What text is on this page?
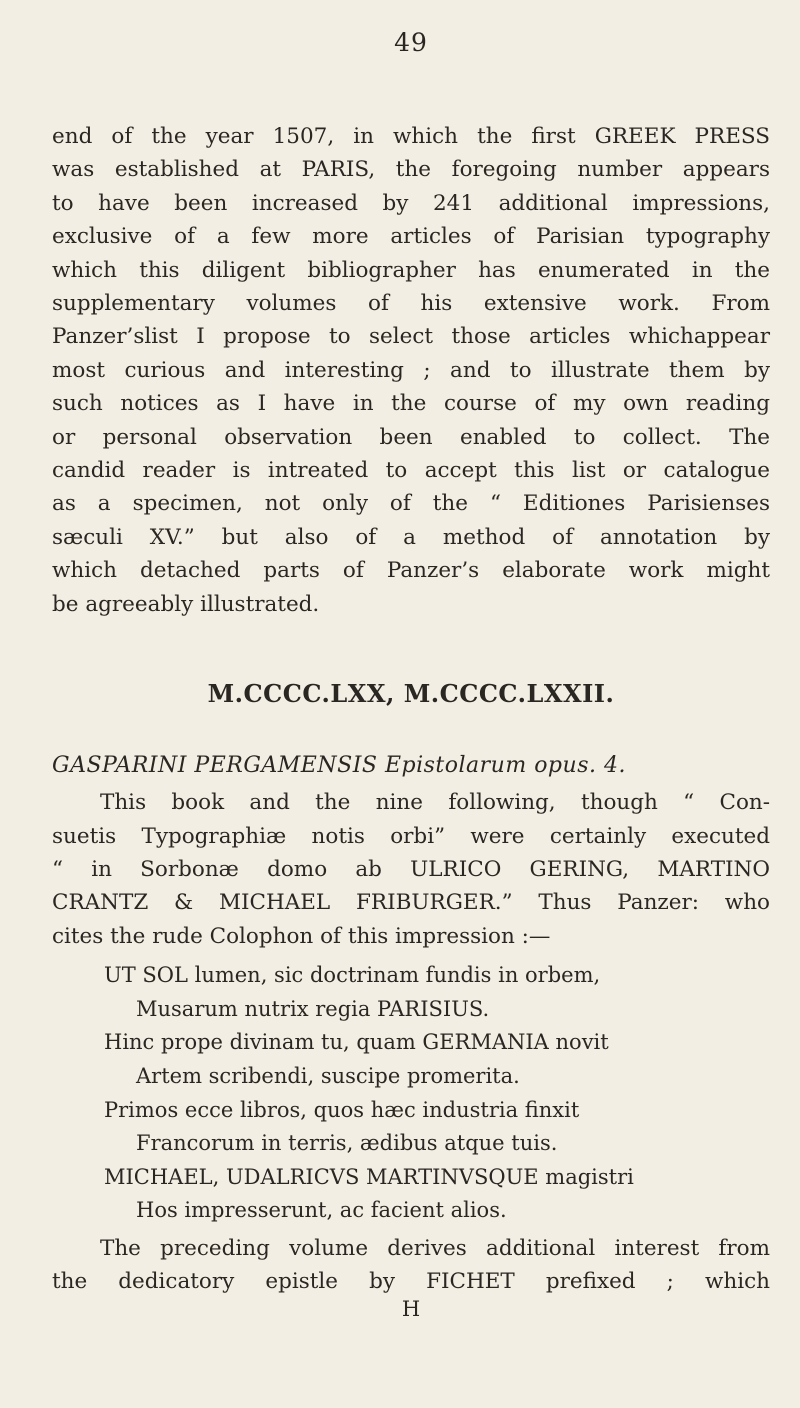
49
end of the year 1507, in which the first GREEK PRESS
was established at PARIS, the foregoing number appears
to have been increased by 241 additional impressions,
exclusive of a few more articles of Parisian typography
which this diligent bibliographer has enumerated in the
supplementary volumes of his extensive work. From
Panzer’slist I propose to select those articles whichappear
most curious and interesting ; and to illustrate them by
such notices as I have in the course of my own reading
or personal observation been enabled to collect. The
candid reader is intreated to accept this list or catalogue
as a specimen, not only of the “ Editiones Parisienses
sæculi XV.” but also of a method of annotation by
which detached parts of Panzer’s elaborate work might
be agreeably illustrated.
M.CCCC.LXX, M.CCCC.LXXII.
GASPARINI PERGAMENSIS Epistolarum opus. 4.
This book and the nine following, though “ Con-
suetis Typographiæ notis orbi” were certainly executed
“ in Sorbonæ domo ab ULRICO GERING, MARTINO
CRANTZ & MICHAEL FRIBURGER.” Thus Panzer: who
cites the rude Colophon of this impression :—
UT SOL lumen, sic doctrinam fundis in orbem,
Musarum nutrix regia PARISIUS.
Hinc prope divinam tu, quam GERMANIA novit
Artem scribendi, suscipe promerita.
Primos ecce libros, quos hæc industria finxit
Francorum in terris, ædibus atque tuis.
MICHAEL, UDALRICVS MARTINVSQUE magistri
Hos impresserunt, ac facient alios.
The preceding volume derives additional interest from
the dedicatory epistle by FICHET prefixed ; which
H
